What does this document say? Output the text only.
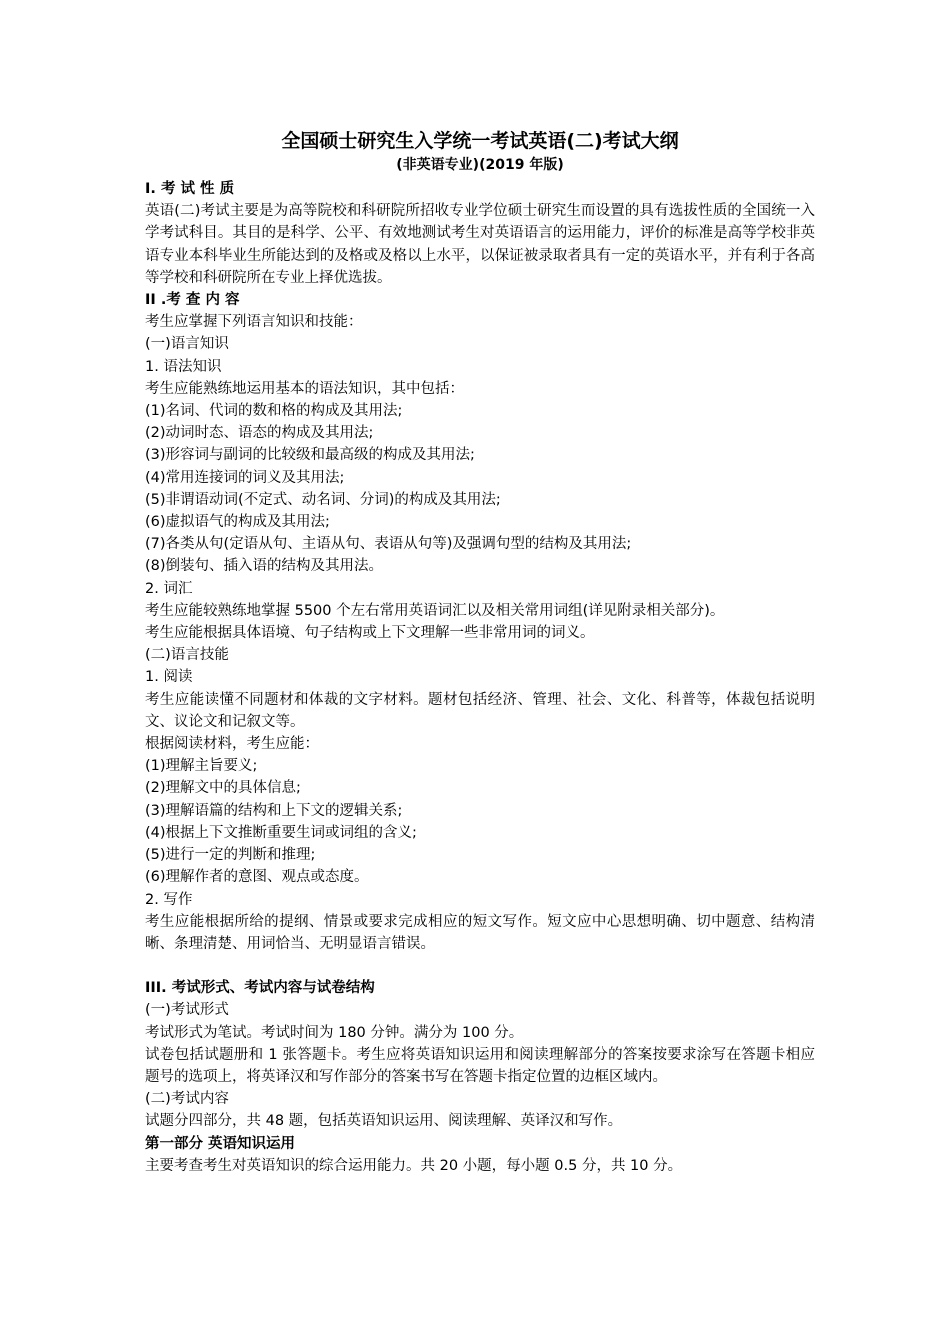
全国硕士研究生入学统一考试英语(二)考试大纲

(非英语专业)(2019 年版)

I. 考 试 性 质

英语(二)考试主要是为高等院校和科研院所招收专业学位硕士研究生而设置的具有选拔性质的全国统一入学考试科目。其目的是科学、公平、有效地测试考生对英语语言的运用能力，评价的标准是高等学校非英语专业本科毕业生所能达到的及格或及格以上水平，以保证被录取者具有一定的英语水平，并有利于各高等学校和科研院所在专业上择优选拔。

II .考 查 内 容

考生应掌握下列语言知识和技能：

(一)语言知识

1. 语法知识

考生应能熟练地运用基本的语法知识，其中包括：

(1)名词、代词的数和格的构成及其用法;

(2)动词时态、语态的构成及其用法;

(3)形容词与副词的比较级和最高级的构成及其用法;

(4)常用连接词的词义及其用法;

(5)非谓语动词(不定式、动名词、分词)的构成及其用法;

(6)虚拟语气的构成及其用法;

(7)各类从句(定语从句、主语从句、表语从句等)及强调句型的结构及其用法;

(8)倒装句、插入语的结构及其用法。

2. 词汇

考生应能较熟练地掌握 5500 个左右常用英语词汇以及相关常用词组(详见附录相关部分)。

考生应能根据具体语境、句子结构或上下文理解一些非常用词的词义。

(二)语言技能

1. 阅读

考生应能读懂不同题材和体裁的文字材料。题材包括经济、管理、社会、文化、科普等，体裁包括说明文、议论文和记叙文等。

根据阅读材料，考生应能：

(1)理解主旨要义;

(2)理解文中的具体信息;

(3)理解语篇的结构和上下文的逻辑关系;

(4)根据上下文推断重要生词或词组的含义;

(5)进行一定的判断和推理;

(6)理解作者的意图、观点或态度。

2. 写作

考生应能根据所给的提纲、情景或要求完成相应的短文写作。短文应中心思想明确、切中题意、结构清晰、条理清楚、用词恰当、无明显语言错误。

III. 考试形式、考试内容与试卷结构

(一)考试形式

考试形式为笔试。考试时间为 180 分钟。满分为 100 分。

试卷包括试题册和 1 张答题卡。考生应将英语知识运用和阅读理解部分的答案按要求涂写在答题卡相应题号的选项上，将英译汉和写作部分的答案书写在答题卡指定位置的边框区域内。

(二)考试内容

试题分四部分，共 48 题，包括英语知识运用、阅读理解、英译汉和写作。

第一部分 英语知识运用

主要考查考生对英语知识的综合运用能力。共 20 小题，每小题 0.5 分，共 10 分。
